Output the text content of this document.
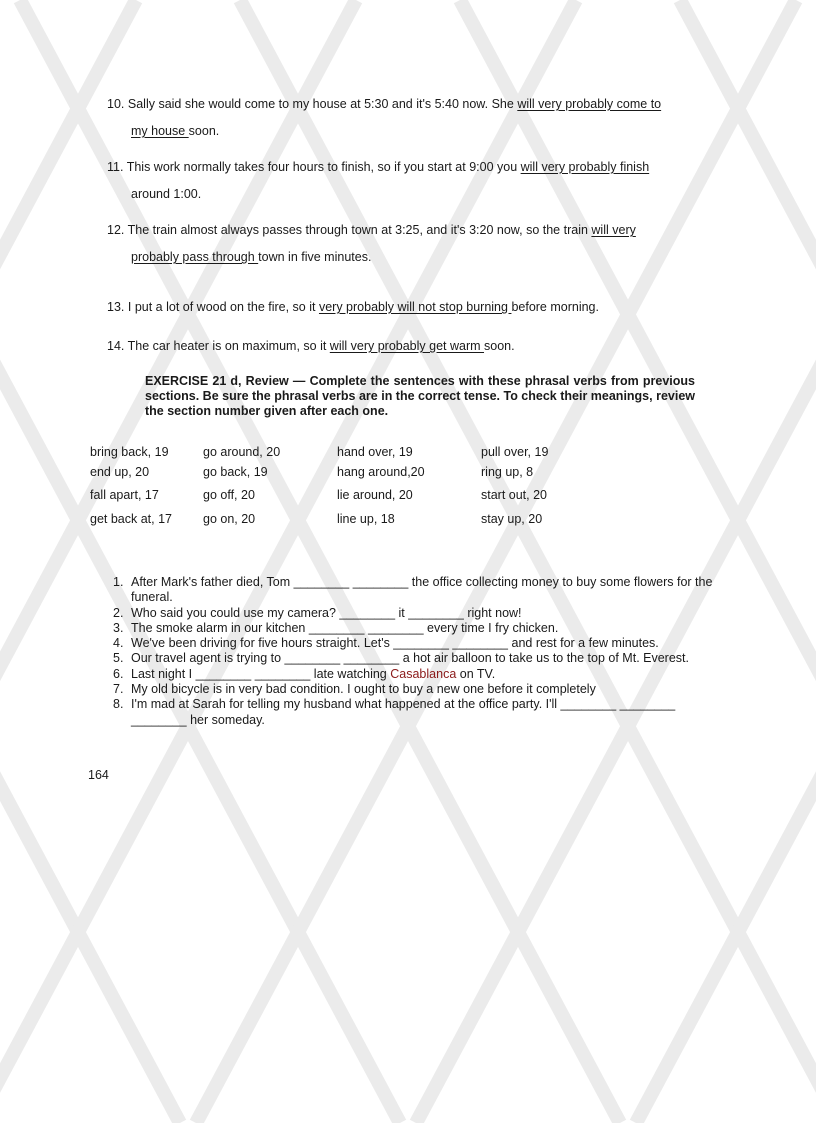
10. Sally said she would come to my house at 5:30 and it's 5:40 now. She will very probably come to
my house soon.
11. This work normally takes four hours to finish, so if you start at 9:00 you will very probably finish
around 1:00.
12. The train almost always passes through town at 3:25, and it's 3:20 now, so the train will very
probably pass through town in five minutes.
13. I put a lot of wood on the fire, so it very probably will not stop burning before morning.
14. The car heater is on maximum, so it will very probably get warm soon.
EXERCISE 21 d, Review — Complete the sentences with these phrasal verbs from previous sections. Be sure the phrasal verbs are in the correct tense. To check their meanings, review the section number given after each one.
bring back, 19	go around, 20	hand over, 19	pull over, 19
end up, 20	go back, 19	hang around,20	ring up, 8
fall apart, 17	go off, 20	lie around, 20	start out, 20
get back at, 17 go on, 20	line up, 18	stay up, 20
1. After Mark's father died, Tom ________ ________ the office collecting money to buy some flowers for the funeral.
2. Who said you could use my camera? ________ it ________ right now!
3. The smoke alarm in our kitchen ________ ________ every time I fry chicken.
4. We've been driving for five hours straight. Let's ________ ________ and rest for a few minutes.
5. Our travel agent is trying to ________ ________ a hot air balloon to take us to the top of Mt. Everest.
6. Last night I ________ ________ late watching Casablanca on TV.
7. My old bicycle is in very bad condition. I ought to buy a new one before it completely
8. I'm mad at Sarah for telling my husband what happened at the office party. I'll ________ ________ ________ her someday.
164
